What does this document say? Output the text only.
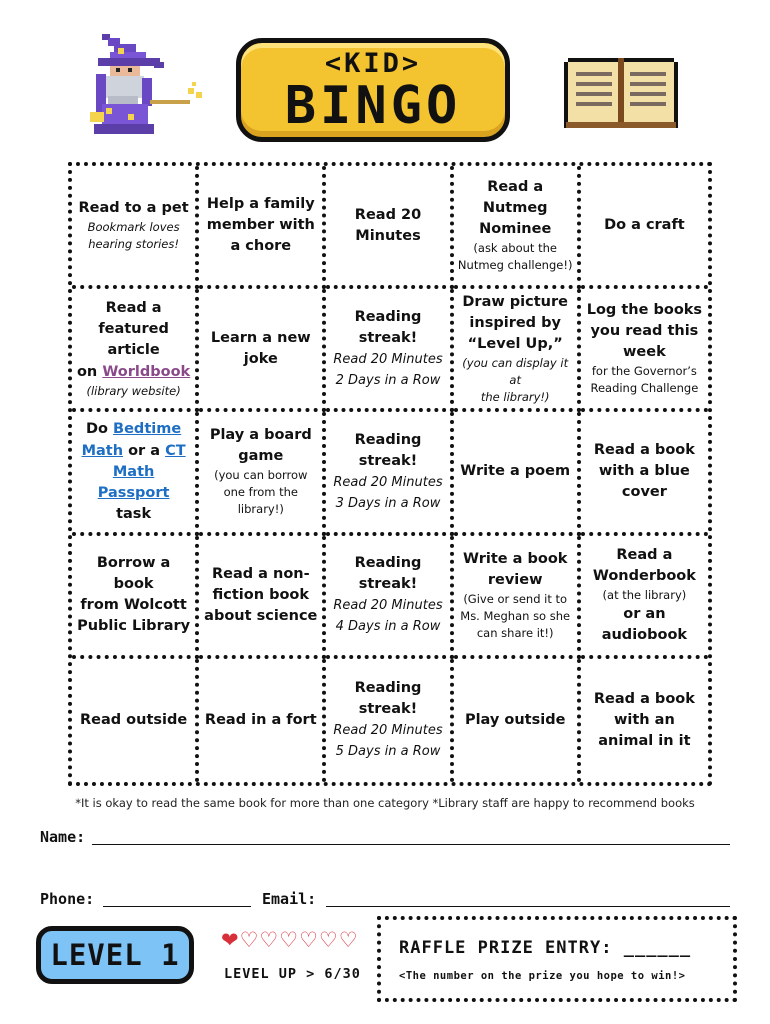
<KID>
BINGO
Read to a pet
Bookmark loves
hearing stories!
Help a family
member with
a chore
Read 20
Minutes
Read a Nutmeg
Nominee
(ask about the
Nutmeg challenge!)
Do a craft
Read a
featured article
on Worldbook
(library website)
Learn a new
joke
Reading
streak!
Read 20 Minutes
2 Days in a Row
Draw picture
inspired by
“Level Up,”
(you can display it at
the library!)
Log the books
you read this
week
for the Governor’s
Reading Challenge
Do Bedtime
Math or a CT
Math Passport
task
Play a board
game
(you can borrow
one from the
library!)
Reading
streak!
Read 20 Minutes
3 Days in a Row
Write a poem
Read a book
with a blue
cover
Borrow a book
from Wolcott
Public Library
Read a non-
fiction book
about science
Reading
streak!
Read 20 Minutes
4 Days in a Row
Write a book
review
(Give or send it to
Ms. Meghan so she
can share it!)
Read a
Wonderbook
(at the library)
or an
audiobook
Read outside Read in a fort
Reading
streak!
Read 20 Minutes
5 Days in a Row
Play outside
Read a book
with an
animal in it
*It is okay to read the same book for more than one category *Library staff are happy to recommend books
Name:
Phone:	Email:
LEVEL 1	❤♡♡♡♡♡♡
LEVEL UP > 6/30
RAFFLE PRIZE ENTRY: ______
<The number on the prize you hope to win!>
